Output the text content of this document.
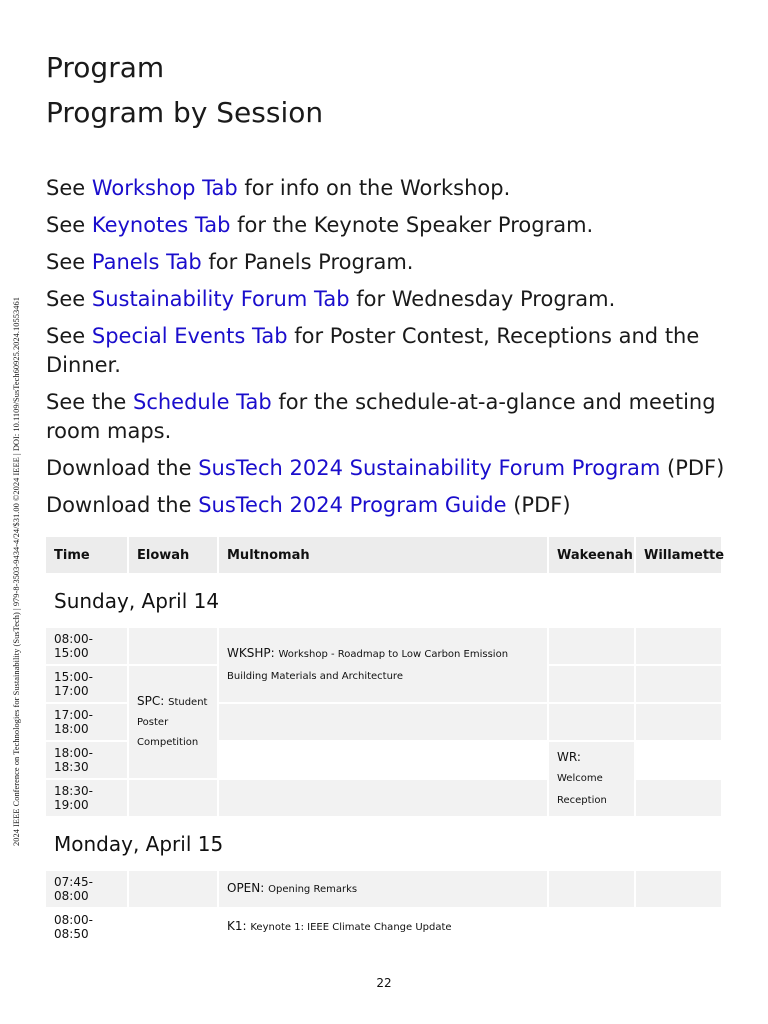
2024 IEEE Conference on Technologies for Sustainability (SusTech) | 979-8-3503-9434-4/24/$31.00 ©2024 IEEE | DOI: 10.1109/SusTech60925.2024.10553461
Program
Program by Session

See Workshop Tab for info on the Workshop.

See Keynotes Tab for the Keynote Speaker Program.

See Panels Tab for Panels Program.

See Sustainability Forum Tab for Wednesday Program.

See Special Events Tab for Poster Contest, Receptions and the Dinner.

See the Schedule Tab for the schedule-at-a-glance and meeting room maps.

Download the SusTech 2024 Sustainability Forum Program (PDF)

Download the SusTech 2024 Program Guide (PDF)

Time	Elowah	Multnomah	Wakeenah	Willamette
Sunday, April 14				
08:00-15:00		WKSHP: Workshop - Roadmap to Low Carbon Emission Building Materials and Architecture		
15:00-17:00	SPC: Student Poster Competition			
17:00-18:00				
18:00-18:30			WR: Welcome Reception	
18:30-19:00				
Monday, April 15				
07:45-08:00		OPEN: Opening Remarks		
08:00-08:50		K1: Keynote 1: IEEE Climate Change Update		
22
